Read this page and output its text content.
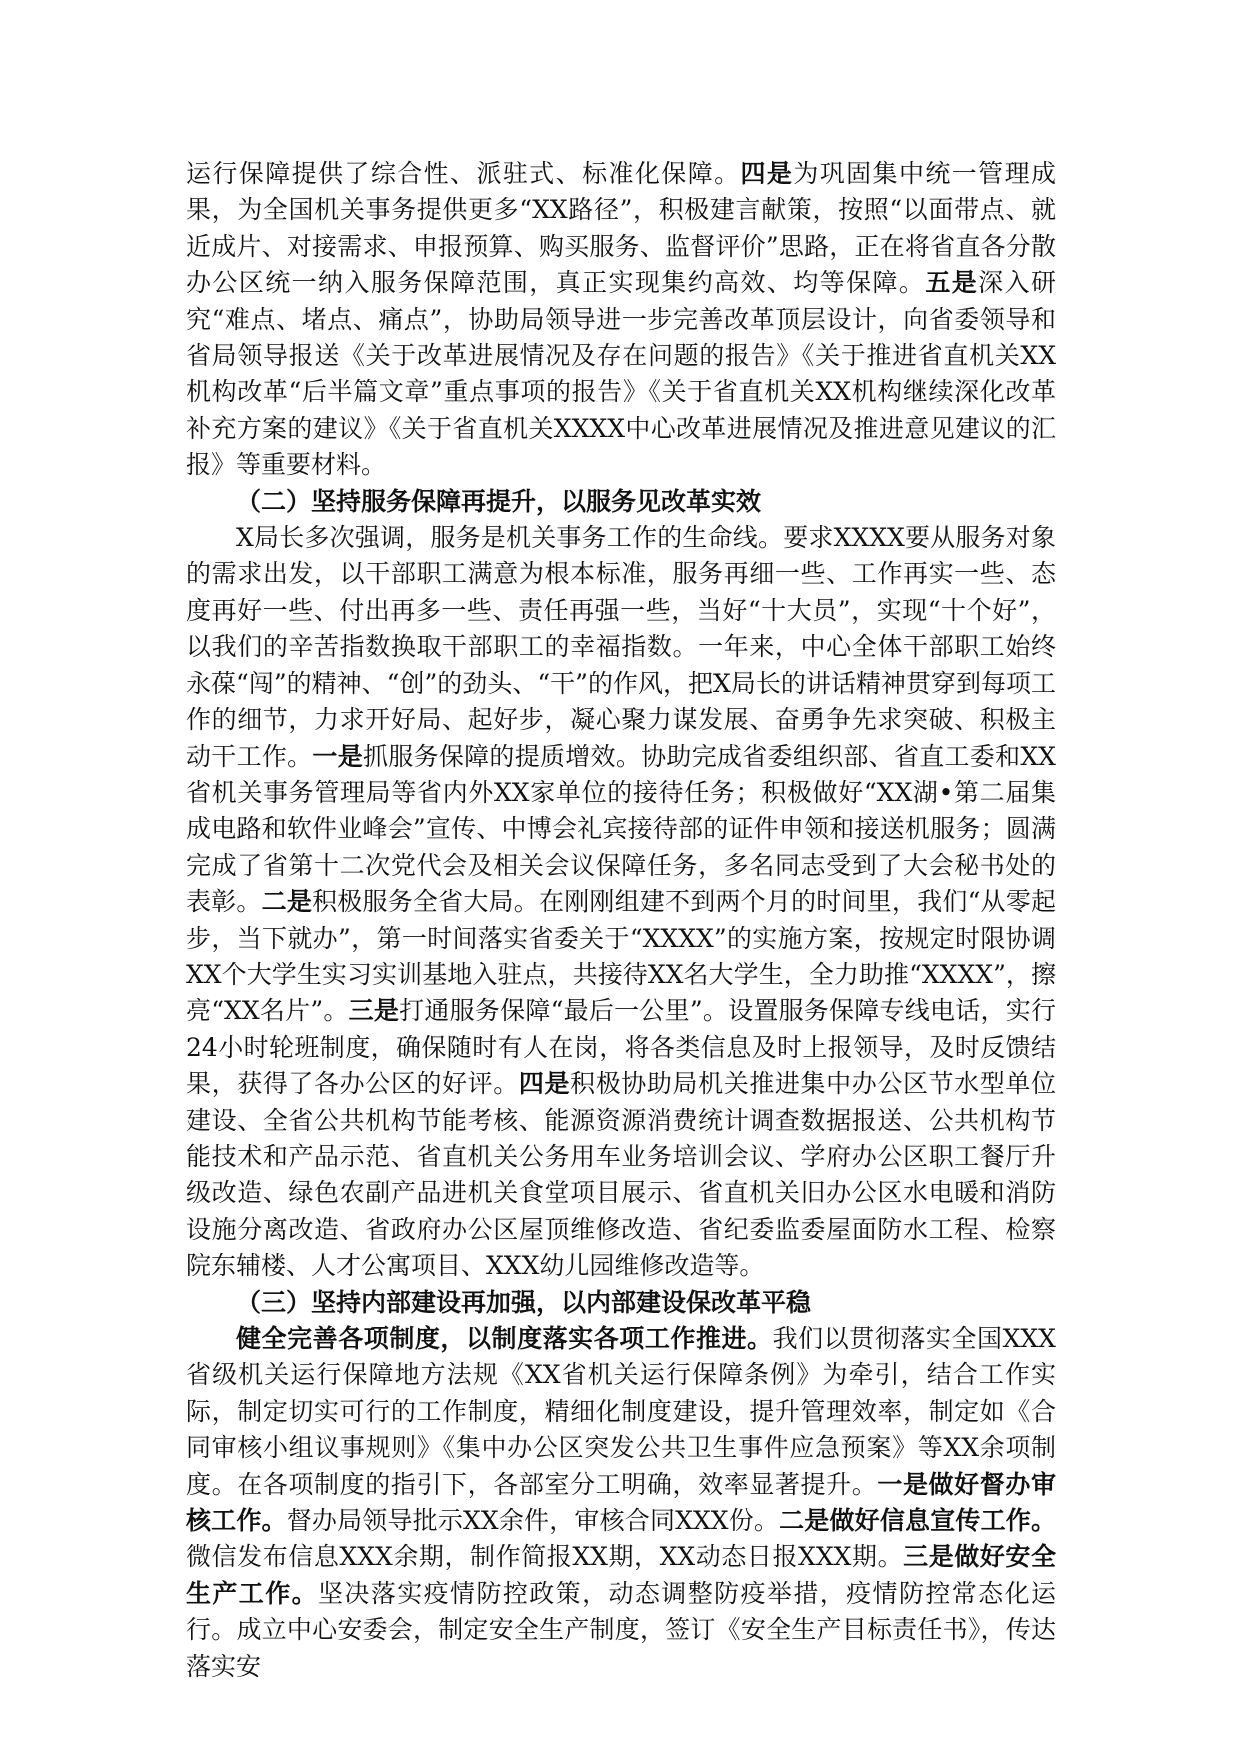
运行保障提供了综合性、派驻式、标准化保障。四是为巩固集中统一管理成果，为全国机关事务提供更多“XX路径”，积极建言献策，按照“以面带点、就近成片、对接需求、申报预算、购买服务、监督评价”思路，正在将省直各分散办公区统一纳入服务保障范围，真正实现集约高效、均等保障。五是深入研究“难点、堵点、痛点”，协助局领导进一步完善改革顶层设计，向省委领导和省局领导报送《关于改革进展情况及存在问题的报告》《关于推进省直机关XX机构改革“后半篇文章”重点事项的报告》《关于省直机关XX机构继续深化改革补充方案的建议》《关于省直机关XXXX中心改革进展情况及推进意见建议的汇报》等重要材料。

（二）坚持服务保障再提升，以服务见改革实效

X局长多次强调，服务是机关事务工作的生命线。要求XXXX要从服务对象的需求出发，以干部职工满意为根本标准，服务再细一些、工作再实一些、态度再好一些、付出再多一些、责任再强一些，当好“十大员”，实现“十个好”，以我们的辛苦指数换取干部职工的幸福指数。一年来，中心全体干部职工始终永葆“闯”的精神、“创”的劲头、“干”的作风，把X局长的讲话精神贯穿到每项工作的细节，力求开好局、起好步，凝心聚力谋发展、奋勇争先求突破、积极主动干工作。一是抓服务保障的提质增效。协助完成省委组织部、省直工委和XX省机关事务管理局等省内外XX家单位的接待任务；积极做好“XX湖•第二届集成电路和软件业峰会”宣传、中博会礼宾接待部的证件申领和接送机服务；圆满完成了省第十二次党代会及相关会议保障任务，多名同志受到了大会秘书处的表彰。二是积极服务全省大局。在刚刚组建不到两个月的时间里，我们“从零起步，当下就办”，第一时间落实省委关于“XXXX”的实施方案，按规定时限协调XX个大学生实习实训基地入驻点，共接待XX名大学生，全力助推“XXXX”，擦亮“XX名片”。三是打通服务保障“最后一公里”。设置服务保障专线电话，实行24小时轮班制度，确保随时有人在岗，将各类信息及时上报领导，及时反馈结果，获得了各办公区的好评。四是积极协助局机关推进集中办公区节水型单位建设、全省公共机构节能考核、能源资源消费统计调查数据报送、公共机构节能技术和产品示范、省直机关公务用车业务培训会议、学府办公区职工餐厅升级改造、绿色农副产品进机关食堂项目展示、省直机关旧办公区水电暖和消防设施分离改造、省政府办公区屋顶维修改造、省纪委监委屋面防水工程、检察院东辅楼、人才公寓项目、XXX幼儿园维修改造等。

（三）坚持内部建设再加强，以内部建设保改革平稳

健全完善各项制度，以制度落实各项工作推进。我们以贯彻落实全国XXX省级机关运行保障地方法规《XX省机关运行保障条例》为牵引，结合工作实际，制定切实可行的工作制度，精细化制度建设，提升管理效率，制定如《合同审核小组议事规则》《集中办公区突发公共卫生事件应急预案》等XX余项制度。在各项制度的指引下，各部室分工明确，效率显著提升。一是做好督办审核工作。督办局领导批示XX余件，审核合同XXX份。二是做好信息宣传工作。微信发布信息XXX余期，制作简报XX期，XX动态日报XXX期。三是做好安全生产工作。坚决落实疫情防控政策，动态调整防疫举措，疫情防控常态化运行。成立中心安委会，制定安全生产制度，签订《安全生产目标责任书》，传达落实安
